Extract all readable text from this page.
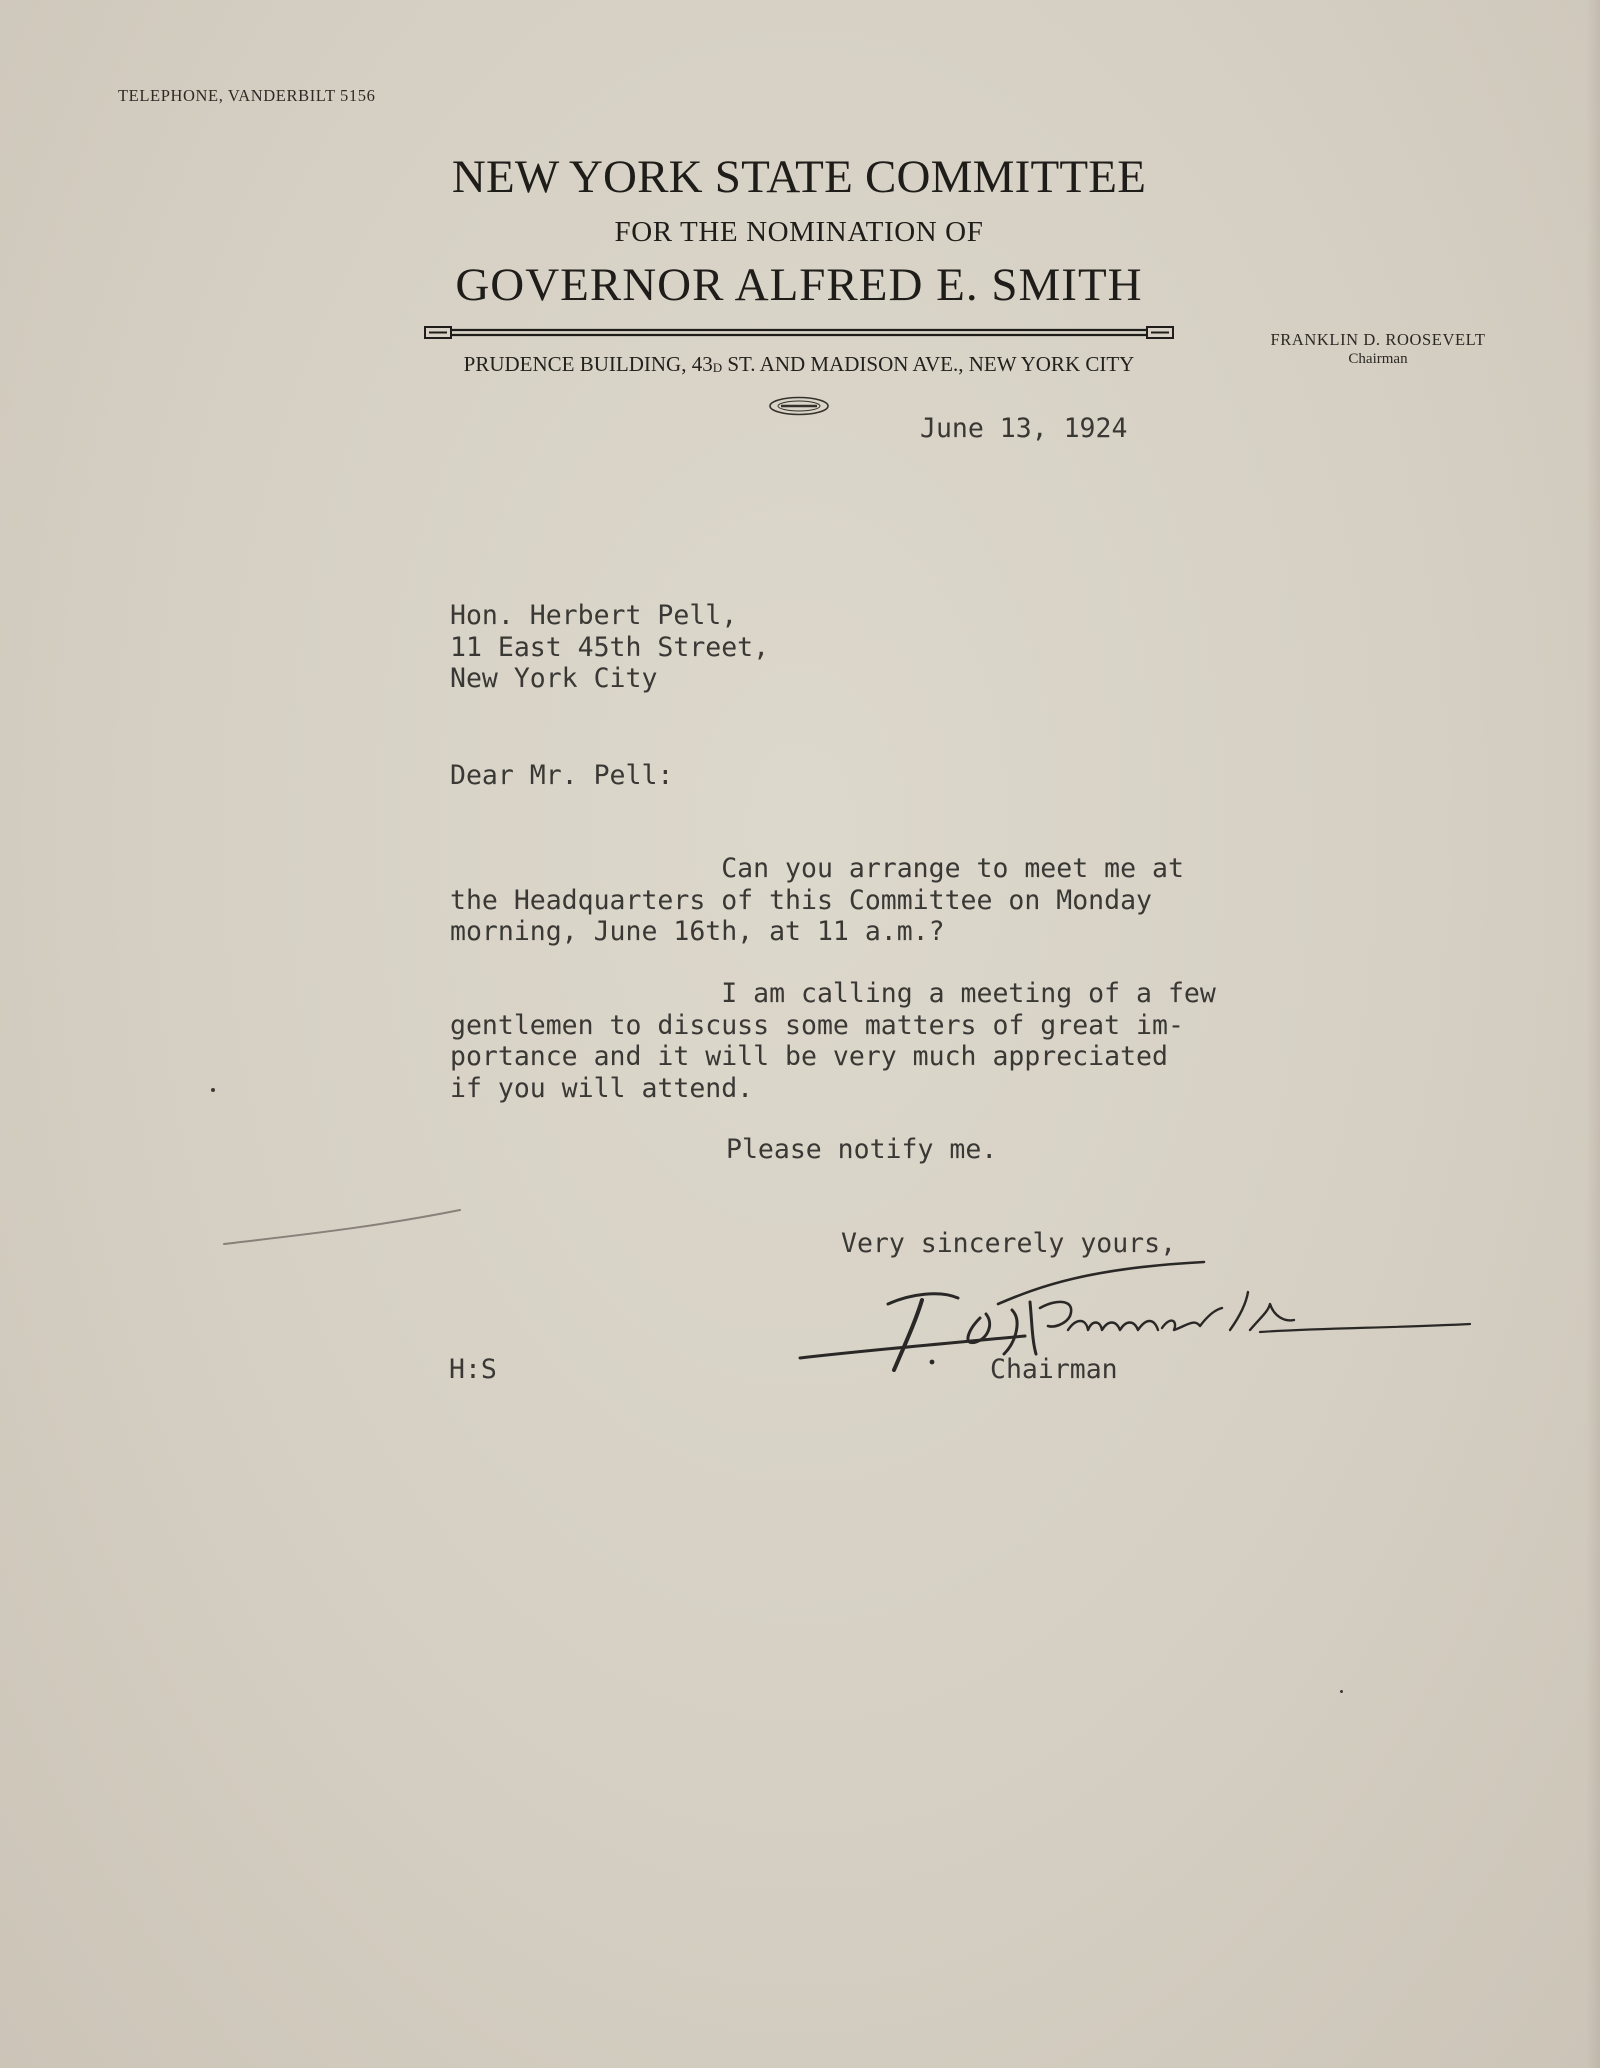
TELEPHONE, VANDERBILT 5156
NEW YORK STATE COMMITTEE
FOR THE NOMINATION OF
GOVERNOR ALFRED E. SMITH
PRUDENCE BUILDING, $43_D$ ST. AND MADISON AVE., NEW YORK CITY
FRANKLIN D. ROOSEVELT
Chairman
June 13, 1924
Hon. Herbert Pell,
11 East 45th Street,
New York City
Dear Mr. Pell:
Can you arrange to meet me at
the Headquarters of this Committee on Monday
morning, June 16th, at 11 a.m.?
I am calling a meeting of a few
gentlemen to discuss some matters of great im-
portance and it will be very much appreciated
if you will attend.
Please notify me.
Very sincerely yours,
H:S	Chairman
